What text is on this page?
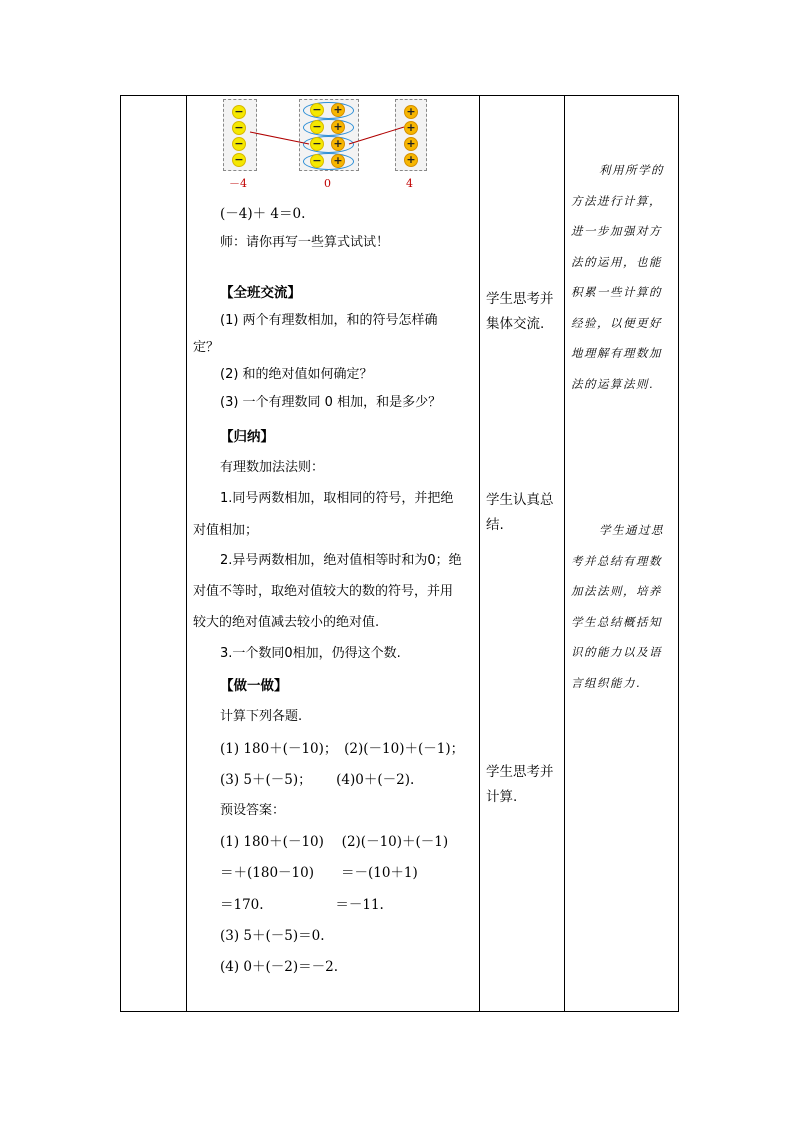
−
−
−
−
− +
− +
− +
− +
+
+
+
+
－4	0	4
(－4)＋ 4＝0.
师：请你再写一些算式试试！
【全班交流】
(1) 两个有理数相加，和的符号怎样确
定？
(2) 和的绝对值如何确定？
(3) 一个有理数同 0 相加，和是多少？
【归纳】
有理数加法法则：
1.同号两数相加，取相同的符号，并把绝
对值相加；
2.异号两数相加，绝对值相等时和为0；绝
对值不等时，取绝对值较大的数的符号，并用
较大的绝对值减去较小的绝对值.
3.一个数同0相加，仍得这个数.
【做一做】
计算下列各题.
(1) 180＋(－10)；　(2)(－10)＋(－1)；
(3) 5＋(－5)；　　 (4)0＋(－2).
预设答案：
(1) 180＋(－10)　 (2)(－10)＋(－1)
＝＋(180－10)　　＝－(10＋1)
＝170.　　　　　 ＝－11.
(3) 5＋(－5)＝0.
(4) 0＋(－2)＝－2.
学生思考并集体交流.
学生认真总结.
学生思考并计算.
利用所学的
方法进行计算，
进一步加强对方
法的运用，也能
积累一些计算的
经验，以便更好
地理解有理数加
法的运算法则.
学生通过思
考并总结有理数
加法法则，培养
学生总结概括知
识的能力以及语
言组织能力.
